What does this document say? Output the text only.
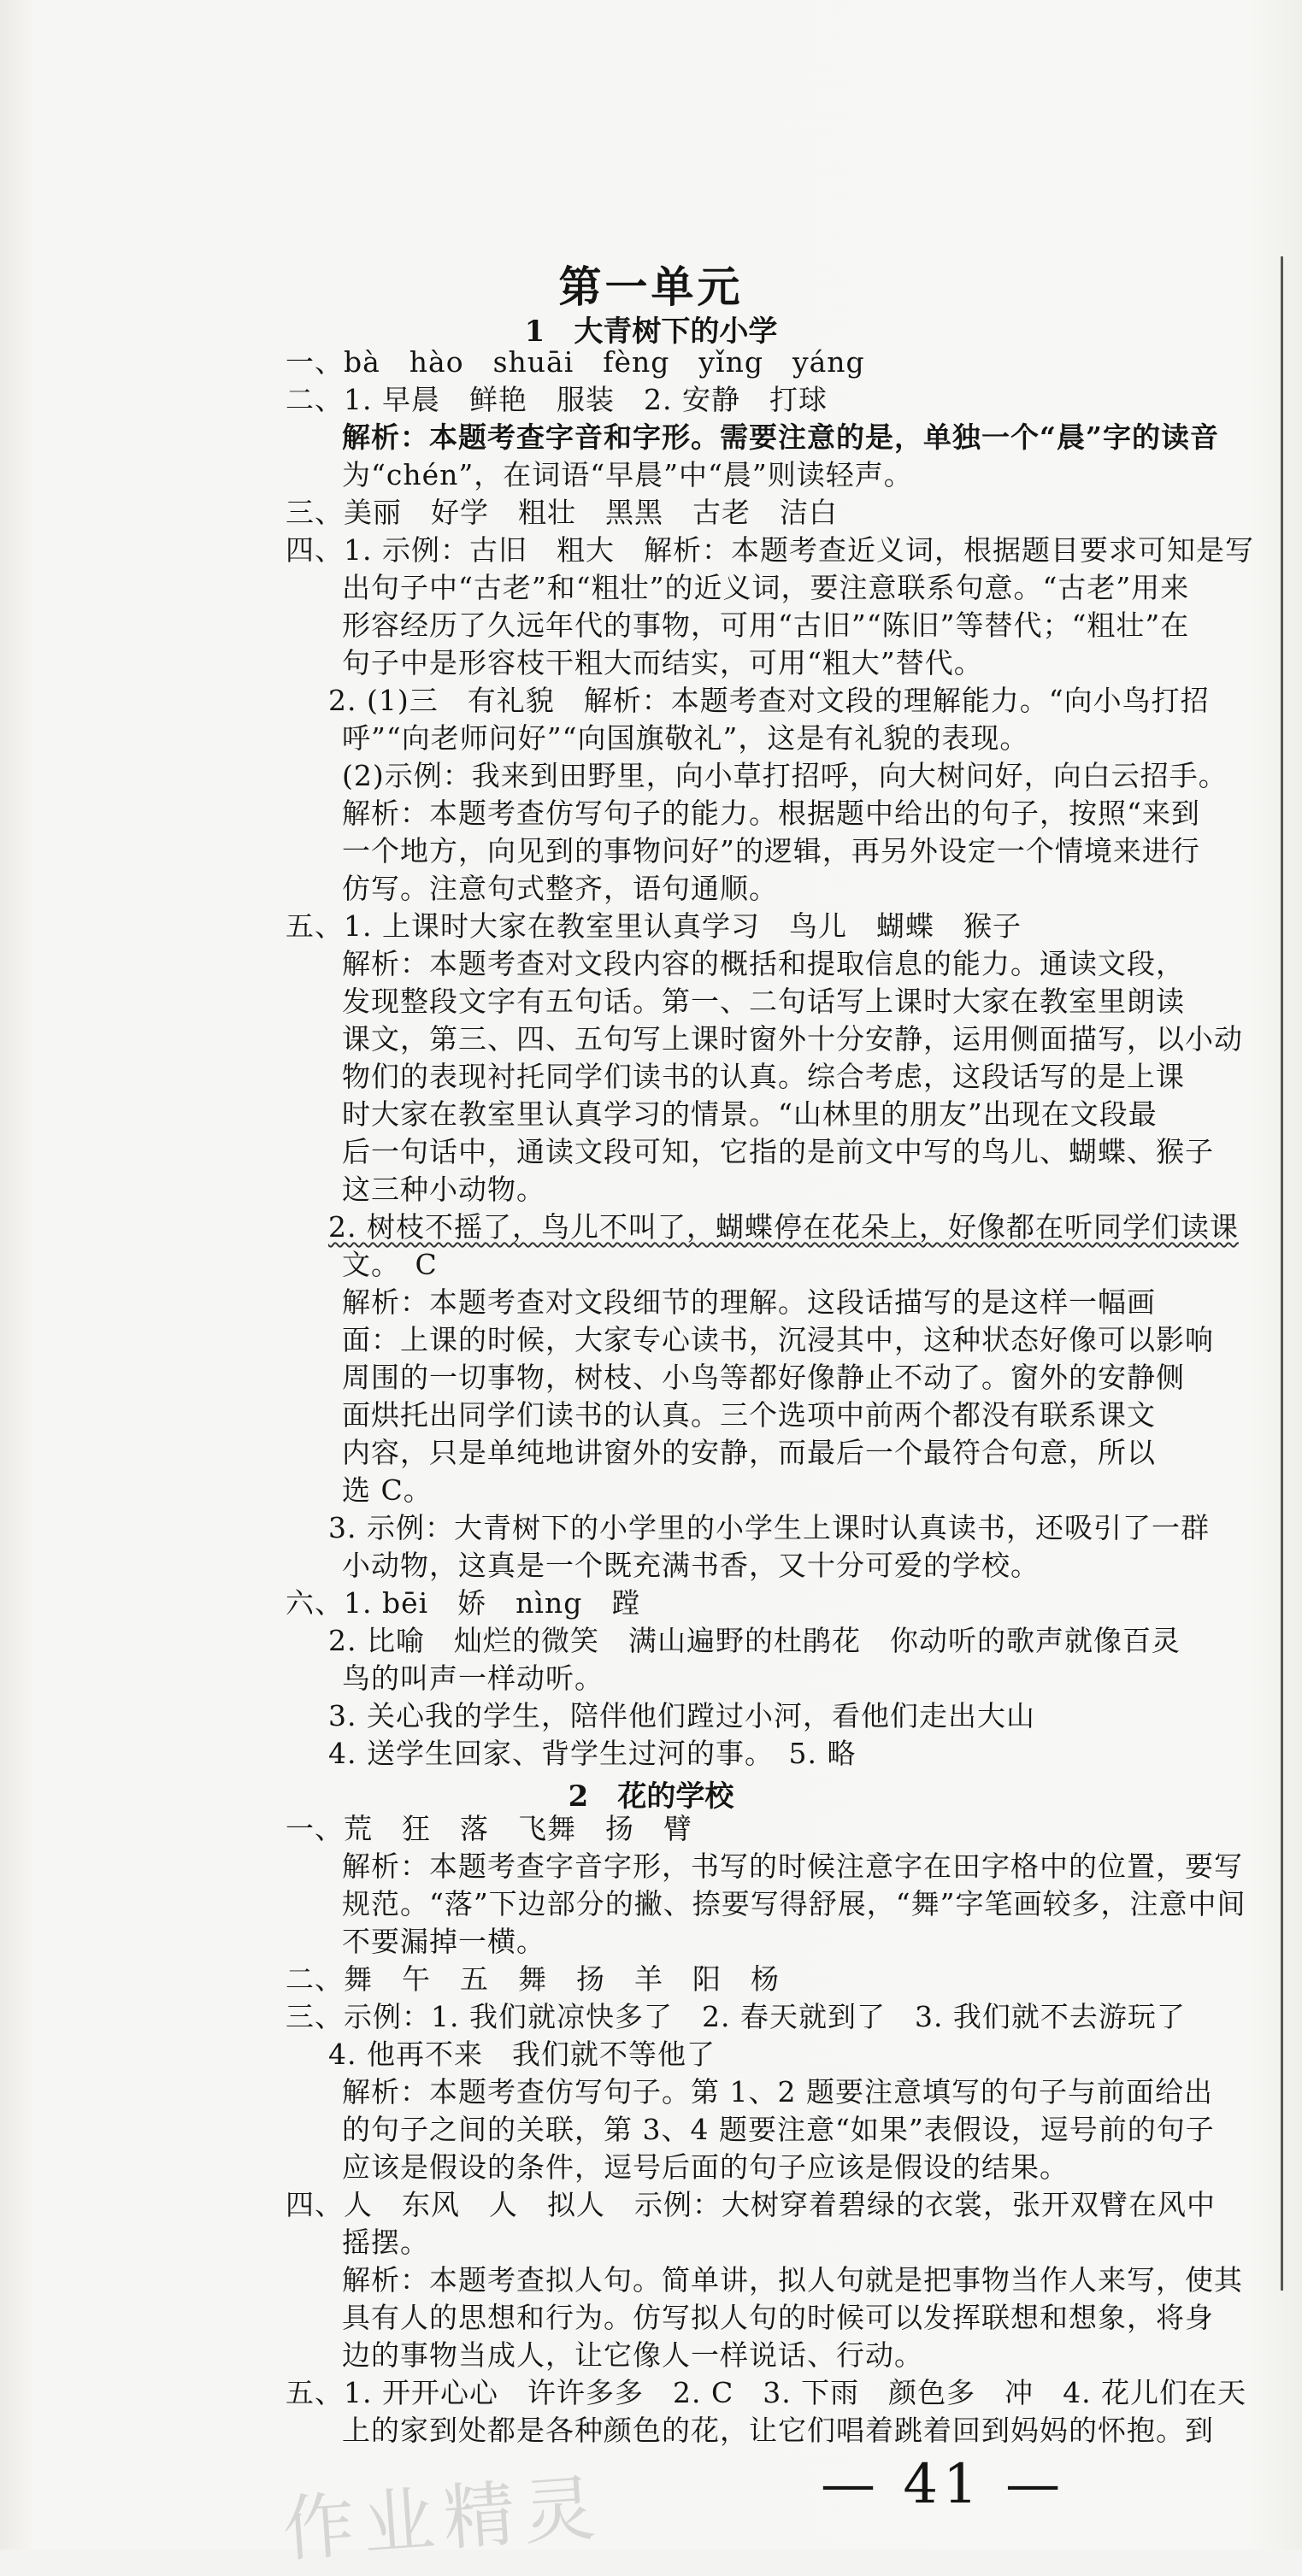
第一单元
1　大青树下的小学
一、bà　hào　shuāi　fèng　yǐng　yáng
二、1. 早晨　鲜艳　服装　2. 安静　打球
解析：本题考查字音和字形。需要注意的是，单独一个“晨”字的读音
为“chén”，在词语“早晨”中“晨”则读轻声。
三、美丽　好学　粗壮　黑黑　古老　洁白
四、1. 示例：古旧　粗大　解析：本题考查近义词，根据题目要求可知是写
出句子中“古老”和“粗壮”的近义词，要注意联系句意。“古老”用来
形容经历了久远年代的事物，可用“古旧”“陈旧”等替代；“粗壮”在
句子中是形容枝干粗大而结实，可用“粗大”替代。
2. (1)三　有礼貌　解析：本题考查对文段的理解能力。“向小鸟打招
呼”“向老师问好”“向国旗敬礼”，这是有礼貌的表现。
(2)示例：我来到田野里，向小草打招呼，向大树问好，向白云招手。
解析：本题考查仿写句子的能力。根据题中给出的句子，按照“来到
一个地方，向见到的事物问好”的逻辑，再另外设定一个情境来进行
仿写。注意句式整齐，语句通顺。
五、1. 上课时大家在教室里认真学习　鸟儿　蝴蝶　猴子
解析：本题考查对文段内容的概括和提取信息的能力。通读文段，
发现整段文字有五句话。第一、二句话写上课时大家在教室里朗读
课文，第三、四、五句写上课时窗外十分安静，运用侧面描写，以小动
物们的表现衬托同学们读书的认真。综合考虑，这段话写的是上课
时大家在教室里认真学习的情景。“山林里的朋友”出现在文段最
后一句话中，通读文段可知，它指的是前文中写的鸟儿、蝴蝶、猴子
这三种小动物。
2. 树枝不摇了，鸟儿不叫了，蝴蝶停在花朵上，好像都在听同学们读课
文。　C
解析：本题考查对文段细节的理解。这段话描写的是这样一幅画
面：上课的时候，大家专心读书，沉浸其中，这种状态好像可以影响
周围的一切事物，树枝、小鸟等都好像静止不动了。窗外的安静侧
面烘托出同学们读书的认真。三个选项中前两个都没有联系课文
内容，只是单纯地讲窗外的安静，而最后一个最符合句意，所以
选 C。
3. 示例：大青树下的小学里的小学生上课时认真读书，还吸引了一群
小动物，这真是一个既充满书香，又十分可爱的学校。
六、1. bēi　娇　nìng　蹚
2. 比喻　灿烂的微笑　满山遍野的杜鹃花　你动听的歌声就像百灵
鸟的叫声一样动听。
3. 关心我的学生，陪伴他们蹚过小河，看他们走出大山
4. 送学生回家、背学生过河的事。　5. 略
2　花的学校
一、荒　狂　落　飞舞　扬　臂
解析：本题考查字音字形，书写的时候注意字在田字格中的位置，要写
规范。“落”下边部分的撇、捺要写得舒展，“舞”字笔画较多，注意中间
不要漏掉一横。
二、舞　午　五　舞　扬　羊　阳　杨
三、示例：1. 我们就凉快多了　2. 春天就到了　3. 我们就不去游玩了
4. 他再不来　我们就不等他了
解析：本题考查仿写句子。第 1、2 题要注意填写的句子与前面给出
的句子之间的关联，第 3、4 题要注意“如果”表假设，逗号前的句子
应该是假设的条件，逗号后面的句子应该是假设的结果。
四、人　东风　人　拟人　示例：大树穿着碧绿的衣裳，张开双臂在风中
摇摆。
解析：本题考查拟人句。简单讲，拟人句就是把事物当作人来写，使其
具有人的思想和行为。仿写拟人句的时候可以发挥联想和想象，将身
边的事物当成人，让它像人一样说话、行动。
五、1. 开开心心　许许多多　2. C　3. 下雨　颜色多　冲　4. 花儿们在天
上的家到处都是各种颜色的花，让它们唱着跳着回到妈妈的怀抱。到
— 41 —
作业精灵
